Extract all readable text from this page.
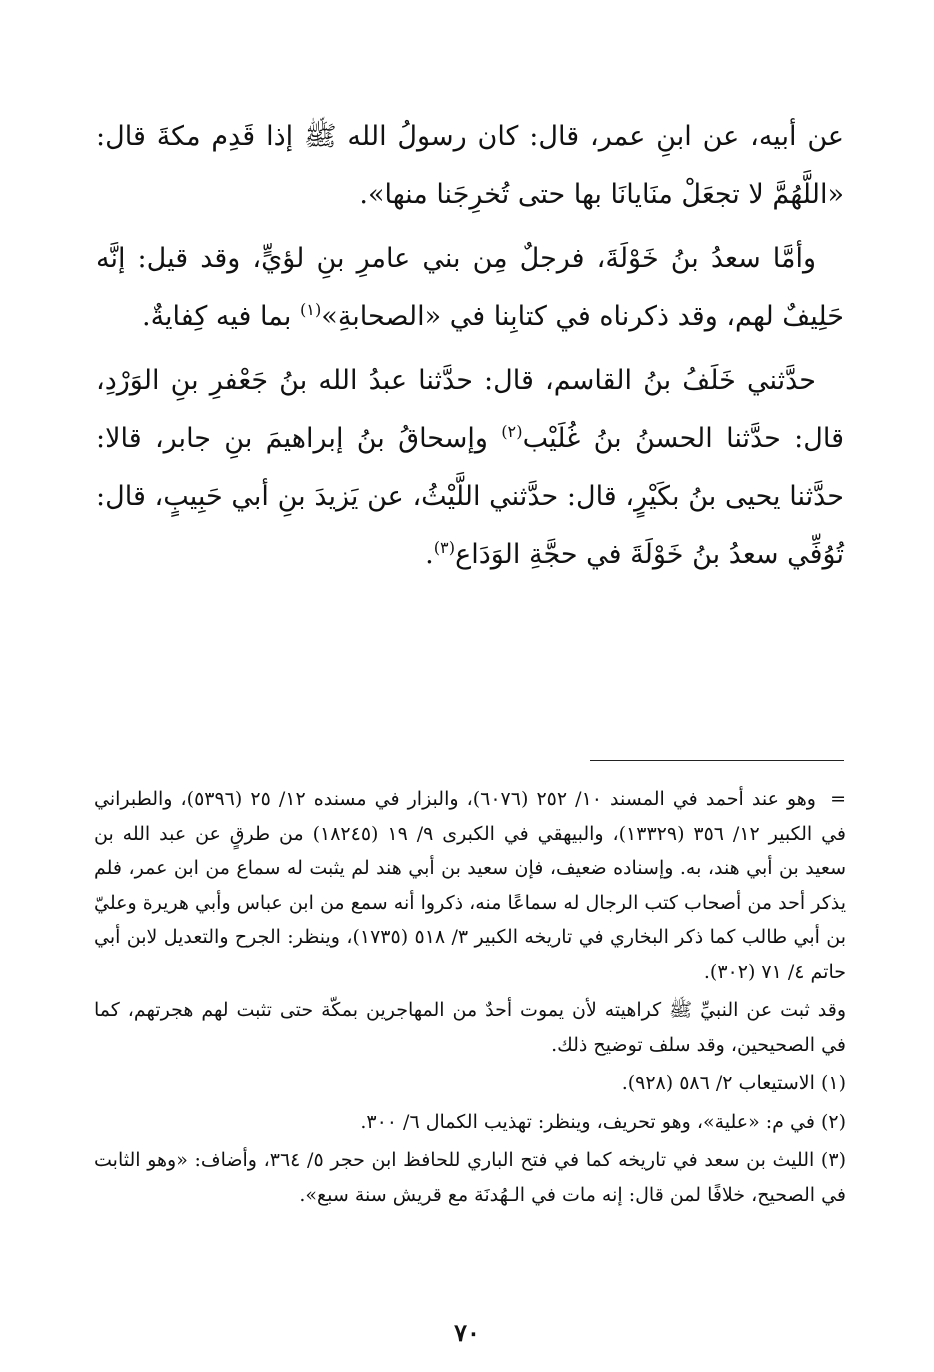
عن أبيه، عن ابنِ عمر، قال: كان رسولُ الله ﷺ إذا قَدِم مكةَ قال: «اللَّهُمَّ لا تجعَلْ منَايانَا بها حتى تُخرِجَنا منها».

وأمَّا سعدُ بنُ خَوْلَةَ، فرجلٌ مِن بني عامرِ بنِ لؤيٍّ، وقد قيل: إنَّه حَلِيفٌ لهم، وقد ذكرناه في كتابِنا في «الصحابةِ»$^{(١)}$ بما فيه كِفايةٌ.

حدَّثني خَلَفُ بنُ القاسم، قال: حدَّثنا عبدُ الله بنُ جَعْفرِ بنِ الوَرْدِ، قال: حدَّثنا الحسنُ بنُ غُلَيْب$^{(٢)}$ وإسحاقُ بنُ إبراهيمَ بنِ جابر، قالا: حدَّثنا يحيى بنُ بكَيْرٍ، قال: حدَّثني اللَّيْثُ، عن يَزيدَ بنِ أبي حَبِيبٍ، قال: تُوُفِّي سعدُ بنُ خَوْلَةَ في حجَّةِ الوَدَاع$^{(٣)}$.

=وهو عند أحمد في المسند ١٠/ ٢٥٢ (٦٠٧٦)، والبزار في مسنده ١٢/ ٢٥ (٥٣٩٦)، والطبراني في الكبير ١٢/ ٣٥٦ (١٣٣٢٩)، والبيهقي في الكبرى ٩/ ١٩ (١٨٢٤٥) من طرقٍ عن عبد الله بن سعيد بن أبي هند، به. وإسناده ضعيف، فإن سعيد بن أبي هند لم يثبت له سماع من ابن عمر، فلم يذكر أحد من أصحاب كتب الرجال له سماعًا منه، ذكروا أنه سمع من ابن عباس وأبي هريرة وعليّ بن أبي طالب كما ذكر البخاري في تاريخه الكبير ٣/ ٥١٨ (١٧٣٥)، وينظر: الجرح والتعديل لابن أبي حاتم ٤/ ٧١ (٣٠٢).

وقد ثبت عن النبيِّ ﷺ كراهيته لأن يموت أحدٌ من المهاجرين بمكّة حتى تثبت لهم هجرتهم، كما في الصحيحين، وقد سلف توضيح ذلك.

(١) الاستيعاب ٢/ ٥٨٦ (٩٢٨).

(٢) في م: «علية»، وهو تحريف، وينظر: تهذيب الكمال ٦/ ٣٠٠.

(٣) الليث بن سعد في تاريخه كما في فتح الباري للحافظ ابن حجر ٥/ ٣٦٤، وأضاف: «وهو الثابت في الصحيح، خلافًا لمن قال: إنه مات في الـهُدنَة مع قريش سنة سبع».

٧٠
